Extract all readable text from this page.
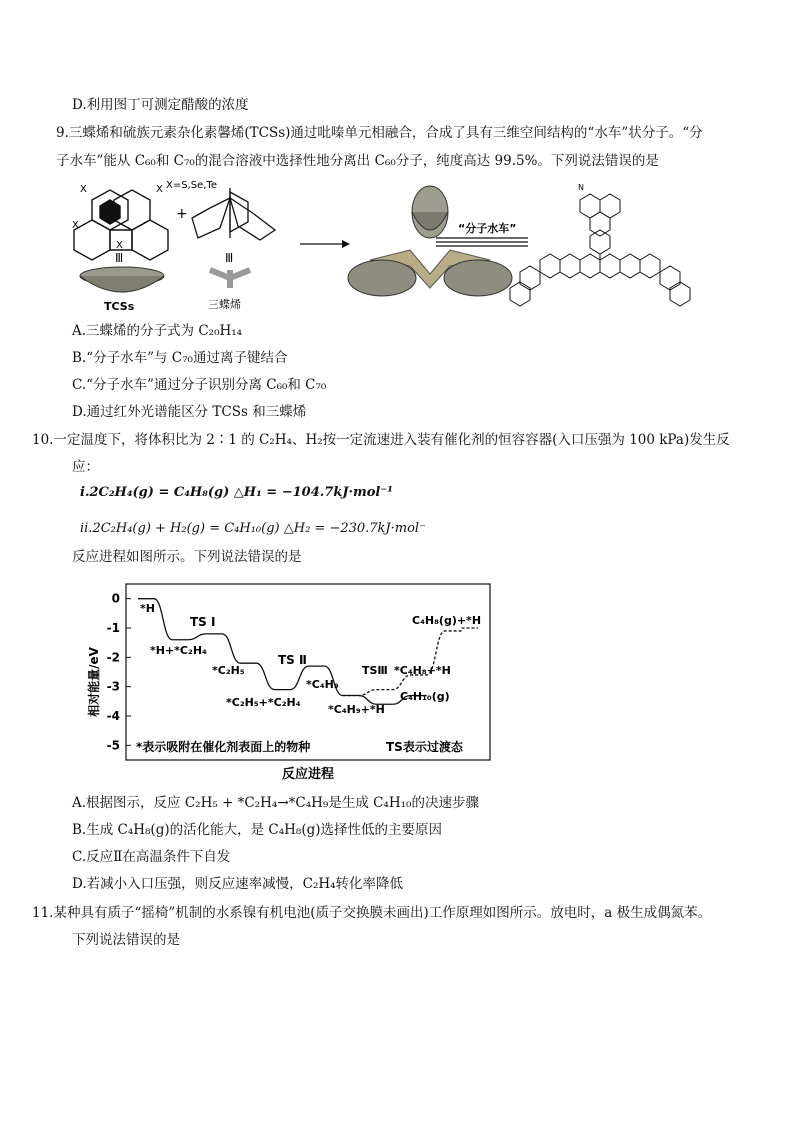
D.利用图丁可测定醋酸的浓度
9.三蝶烯和硫族元素杂化素馨烯(TCSs)通过吡嗪单元相融合，合成了具有三维空间结构的“水车”状分子。“分
子水车”能从 C₆₀和 C₇₀的混合溶液中选择性地分离出 C₆₀分子，纯度高达 99.5%。下列说法错误的是
X	X
X
X
X=S,Se,Te
Ⅲ
TCSs
+
Ⅲ
三蝶烯
“分子水车”
N
A.三蝶烯的分子式为 C₂₀H₁₄
B.“分子水车”与 C₇₀通过离子键结合
C.“分子水车”通过分子识别分离 C₆₀和 C₇₀
D.通过红外光谱能区分 TCSs 和三蝶烯
10.一定温度下，将体积比为 2∶1 的 C₂H₄、H₂按一定流速进入装有催化剂的恒容容器(入口压强为 100 kPa)发生反
应：
i.2C₂H₄(g) = C₄H₈(g) △H₁ = −104.7kJ·mol⁻¹
ii.2C₂H₄(g) + H₂(g) = C₄H₁₀(g) △H₂ = −230.7kJ·mol⁻
反应进程如图所示。下列说法错误的是
0
-1
-2
-3
-4
-5
相对能量/eV
反应进程
*H
*H+*C₂H₄
TS Ⅰ
*C₂H₅
*C₂H₅+*C₂H₄
TS Ⅱ
*C₄H₉
*C₄H₉+*H
TSⅢ *C₄H₈+*H
C₄H₁₀(g)
C₄H₈(g)+*H
*表示吸附在催化剂表面上的物种	TS表示过渡态
A.根据图示，反应 C₂H₅ + *C₂H₄→*C₄H₉是生成 C₄H₁₀的决速步骤
B.生成 C₄H₈(g)的活化能大，是 C₄H₈(g)选择性低的主要原因
C.反应Ⅱ在高温条件下自发
D.若减小入口压强，则反应速率减慢，C₂H₄转化率降低
11.某种具有质子“摇椅”机制的水系镍有机电池(质子交换膜未画出)工作原理如图所示。放电时，a 极生成偶氮苯。
下列说法错误的是
